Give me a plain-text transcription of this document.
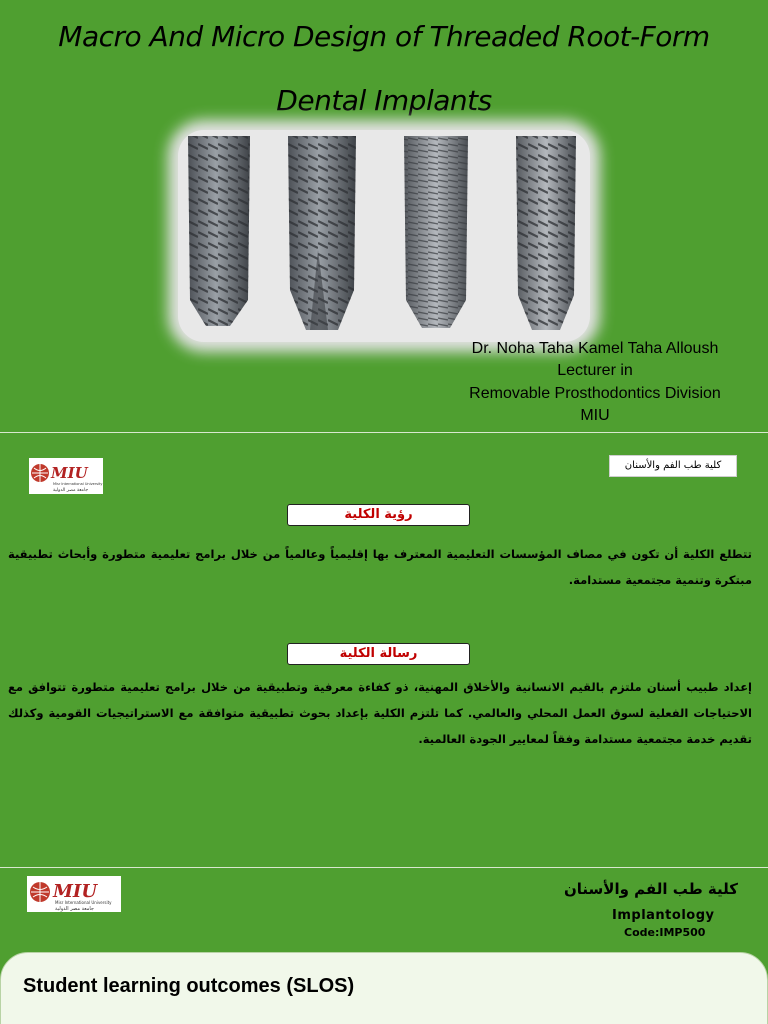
Macro And Micro Design of Threaded Root-Form
Dental Implants
Dr. Noha Taha Kamel Taha Alloush
Lecturer in
Removable Prosthodontics Division
MIU
MIU
Misr International University
جامعة مصر الدولية
كلية طب الفم والأسنان
رؤية الكلية
تتطلع الكلية أن تكون في مصاف المؤسسات التعليمية المعترف بها إقليمياً وعالمياً من خلال برامج تعليمية متطورة وأبحاث تطبيقية مبتكرة وتنمية مجتمعية مستدامة.
رسالة الكلية
إعداد طبيب أسنان ملتزم بالقيم الانسانية والأخلاق المهنية، ذو كفاءة معرفية وتطبيقية من خلال برامج تعليمية متطورة تتوافق مع الاحتياجات الفعلية لسوق العمل المحلي والعالمي. كما تلتزم الكلية بإعداد بحوث تطبيقية متوافقة مع الاستراتيجيات القومية وكذلك تقديم خدمة مجتمعية مستدامة وفقاً لمعايير الجودة العالمية.
MIU
Misr International University
جامعة مصر الدولية
كلية طب الفم والأسنان
Implantology
Code:IMP500
Student learning outcomes (SLOS)
